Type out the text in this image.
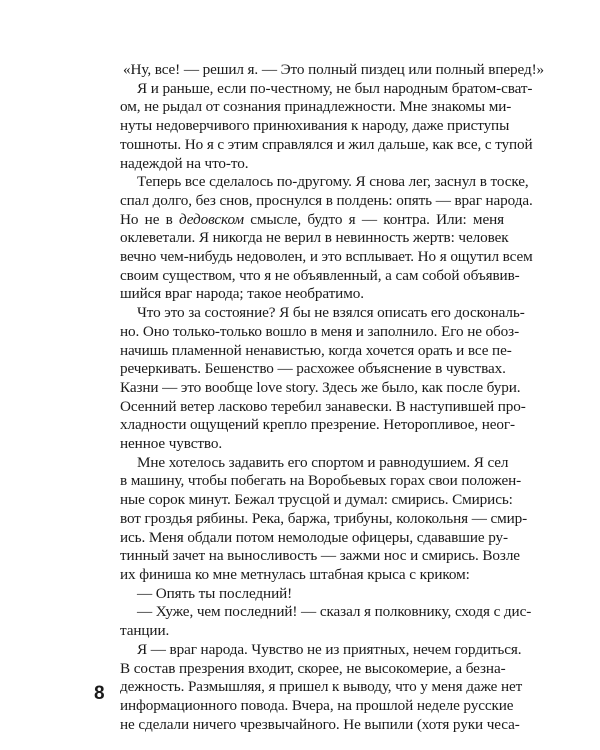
«Ну, все! — решил я. — Это полный пиздец или полный вперед!»

Я и раньше, если по-честному, не был народным братом-сват-

ом, не рыдал от сознания принадлежности. Мне знакомы ми-

нуты недоверчивого принюхивания к народу, даже приступы

тошноты. Но я с этим справлялся и жил дальше, как все, с тупой

надеждой на что-то.

Теперь все сделалось по-другому. Я снова лег, заснул в тоске,

спал долго, без снов, проснулся в полдень: опять — враг народа.

Но не в дедовском смысле, будто я — контра. Или: меня

оклеветали. Я никогда не верил в невинность жертв: человек

вечно чем-нибудь недоволен, и это всплывает. Но я ощутил всем

своим существом, что я не объявленный, а сам собой объявив-

шийся враг народа; такое необратимо.

Что это за состояние? Я бы не взялся описать его доскональ-

но. Оно только-только вошло в меня и заполнило. Его не обоз-

начишь пламенной ненавистью, когда хочется орать и все пе-

речеркивать. Бешенство — расхожее объяснение в чувствах.

Казни — это вообще love story. Здесь же было, как после бури.

Осенний ветер ласково теребил занавески. В наступившей про-

хладности ощущений крепло презрение. Неторопливое, неог-

ненное чувство.

Мне хотелось задавить его спортом и равнодушием. Я сел

в машину, чтобы побегать на Воробьевых горах свои положен-

ные сорок минут. Бежал трусцой и думал: смирись. Смирись:

вот гроздья рябины. Река, баржа, трибуны, колокольня — смир-

ись. Меня обдали потом немолодые офицеры, сдававшие ру-

тинный зачет на выносливость — зажми нос и смирись. Возле

их финиша ко мне метнулась штабная крыса с криком:

— Опять ты последний!

— Хуже, чем последний! — сказал я полковнику, сходя с дис-

танции.

Я — враг народа. Чувство не из приятных, нечем гордиться.

В состав презрения входит, скорее, не высокомерие, а безна-

дежность. Размышляя, я пришел к выводу, что у меня даже нет

информационного повода. Вчера, на прошлой неделе русские

не сделали ничего чрезвычайного. Не выпили (хотя руки чеса-

8
